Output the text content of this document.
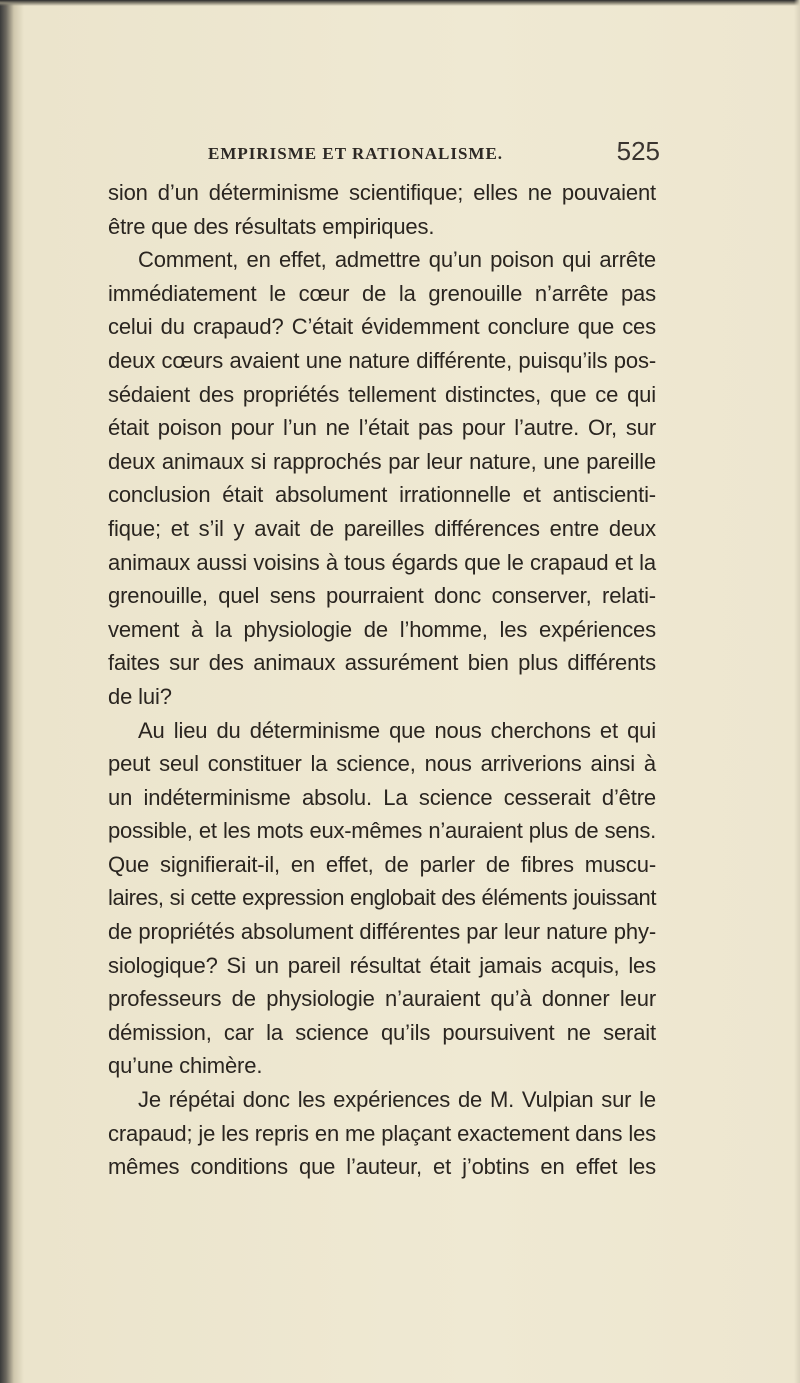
EMPIRISME ET RATIONALISME.	525
sion d’un déterminisme scientifique; elles ne pouvaient
être que des résultats empiriques.
Comment, en effet, admettre qu’un poison qui arrête
immédiatement le cœur de la grenouille n’arrête pas
celui du crapaud? C’était évidemment conclure que ces
deux cœurs avaient une nature différente, puisqu’ils pos-
sédaient des propriétés tellement distinctes, que ce qui
était poison pour l’un ne l’était pas pour l’autre. Or, sur
deux animaux si rapprochés par leur nature, une pareille
conclusion était absolument irrationnelle et antiscienti-
fique; et s’il y avait de pareilles différences entre deux
animaux aussi voisins à tous égards que le crapaud et la
grenouille, quel sens pourraient donc conserver, relati-
vement à la physiologie de l’homme, les expériences
faites sur des animaux assurément bien plus différents
de lui?
Au lieu du déterminisme que nous cherchons et qui
peut seul constituer la science, nous arriverions ainsi à
un indéterminisme absolu. La science cesserait d’être
possible, et les mots eux-mêmes n’auraient plus de sens.
Que signifierait-il, en effet, de parler de fibres muscu-
laires, si cette expression englobait des éléments jouissant
de propriétés absolument différentes par leur nature phy-
siologique? Si un pareil résultat était jamais acquis, les
professeurs de physiologie n’auraient qu’à donner leur
démission, car la science qu’ils poursuivent ne serait
qu’une chimère.
Je répétai donc les expériences de M. Vulpian sur le
crapaud; je les repris en me plaçant exactement dans les
mêmes conditions que l’auteur, et j’obtins en effet les
